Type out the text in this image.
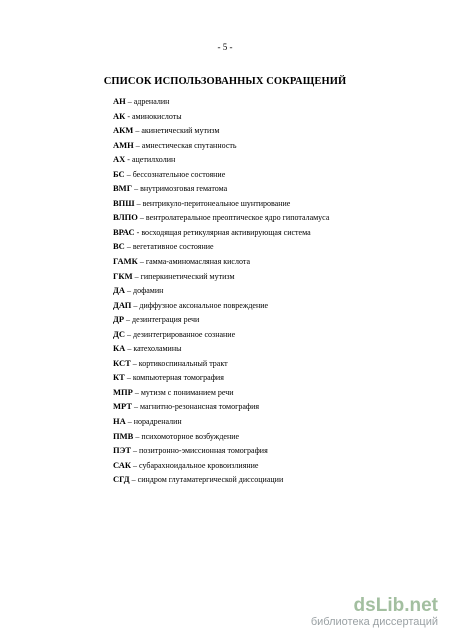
- 5 -
СПИСОК ИСПОЛЬЗОВАННЫХ СОКРАЩЕНИЙ
АН – адреналин
АК - аминокислоты
АКМ – акинетический мутизм
АМН – амнестическая спутанность
АХ - ацетилхолин
БС – бессознательное состояние
ВМГ – внутримозговая гематома
ВПШ – вентрикуло-перитонеальное шунтирование
ВЛПО – вентролатеральное преоптическое ядро гипоталамуса
ВРАС - восходящая ретикулярная активирующая система
ВС – вегетативное состояние
ГАМК – гамма-аминомасляная кислота
ГКМ – гиперкинетический мутизм
ДА – дофамин
ДАП – диффузное аксональное повреждение
ДР – дезинтеграция речи
ДС – дезинтегрированное сознание
КА – катехоламины
КСТ – кортикоспинальный тракт
КТ – компьютерная томография
МПР – мутизм с пониманием речи
МРТ – магнитно-резонансная томография
НА – норадреналин
ПМВ – психомоторное возбуждение
ПЭТ – позитронно-эмиссионная томография
САК – субарахноидальное кровоизлияние
СГД – синдром глутаматергической диссоциации
dsLib.net
библиотека диссертаций
